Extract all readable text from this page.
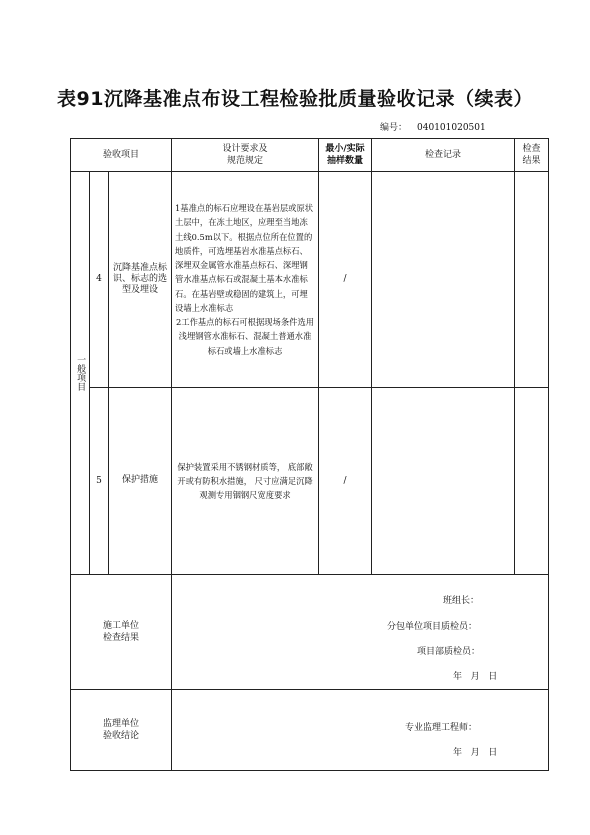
表91沉降基准点布设工程检验批质量验收记录（续表）
编号： 040101020501
验收项目			设计要求及
规范规定	最小/实际
抽样数量	检查记录	检查
结果

一般项目	4	沉降基准点标识、标志的选型及埋设	1基准点的标石应埋设在基岩层或原状土层中，在冻土地区，应理至当地冻土线0.5m以下。根据点位所在位置的地质件，可选埋基岩水准基点标石、深埋双金属管水准基点标石、深埋钢管水准基点标石或混凝土基本水准标石。在基岩壁或稳固的建筑上，可埋设墙上水准标志

2工作基点的标石可根据现场条件选用浅埋钢管水准标石、混凝土普通水准标石或墙上水准标志	/		
	5	保护措施	保护装置采用不锈钢材质等， 底部敞开或有防积水措施， 尺寸应满足沉降观测专用铟钢尺宽度要求	/		
施工单位
检查结果			班组长：
分包单位项目质检员：
项目部质检员：
年   月   日			

监理单位
验收结论			专业监理工程师：
年   月   日			
